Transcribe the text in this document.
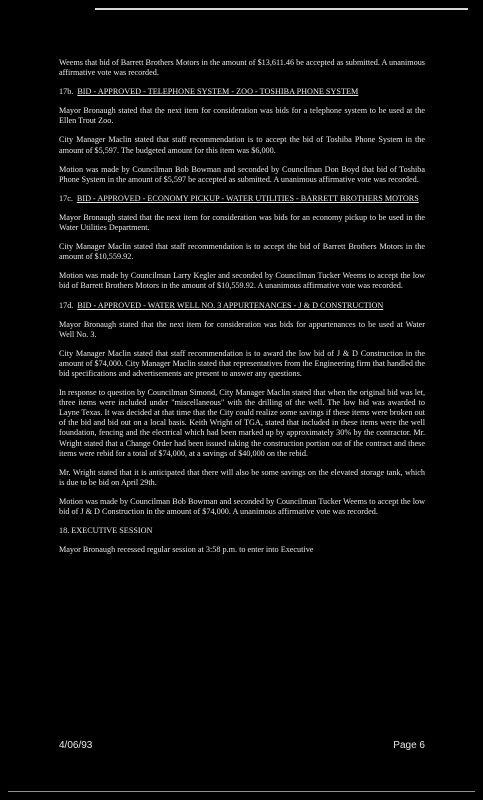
Weems that bid of Barrett Brothers Motors in the amount of $13,611.46 be accepted as submitted. A unanimous affirmative vote was recorded.

17b. BID - APPROVED - TELEPHONE SYSTEM - ZOO - TOSHIBA PHONE SYSTEM

Mayor Bronaugh stated that the next item for consideration was bids for a telephone system to be used at the Ellen Trout Zoo.

City Manager Maclin stated that staff recommendation is to accept the bid of Toshiba Phone System in the amount of $5,597. The budgeted amount for this item was $6,000.

Motion was made by Councilman Bob Bowman and seconded by Councilman Don Boyd that bid of Toshiba Phone System in the amount of $5,597 be accepted as submitted. A unanimous affirmative vote was recorded.

17c. BID - APPROVED - ECONOMY PICKUP - WATER UTILITIES - BARRETT BROTHERS MOTORS

Mayor Bronaugh stated that the next item for consideration was bids for an economy pickup to be used in the Water Utilities Department.

City Manager Maclin stated that staff recommendation is to accept the bid of Barrett Brothers Motors in the amount of $10,559.92.

Motion was made by Councilman Larry Kegler and seconded by Councilman Tucker Weems to accept the low bid of Barrett Brothers Motors in the amount of $10,559.92. A unanimous affirmative vote was recorded.

17d. BID - APPROVED - WATER WELL NO. 3 APPURTENANCES - J & D CONSTRUCTION

Mayor Bronaugh stated that the next item for consideration was bids for appurtenances to be used at Water Well No. 3.

City Manager Maclin stated that staff recommendation is to award the low bid of J & D Construction in the amount of $74,000. City Manager Maclin stated that representatives from the Engineering firm that handled the bid specifications and advertisements are present to answer any questions.

In response to question by Councilman Simond, City Manager Maclin stated that when the original bid was let, three items were included under "miscellaneous" with the drilling of the well. The low bid was awarded to Layne Texas. It was decided at that time that the City could realize some savings if these items were broken out of the bid and bid out on a local basis. Keith Wright of TGA, stated that included in these items were the well foundation, fencing and the electrical which had been marked up by approximately 30% by the contractor. Mr. Wright stated that a Change Order had been issued taking the construction portion out of the contract and these items were rebid for a total of $74,000, at a savings of $40,000 on the rebid.

Mr. Wright stated that it is anticipated that there will also be some savings on the elevated storage tank, which is due to be bid on April 29th.

Motion was made by Councilman Bob Bowman and seconded by Councilman Tucker Weems to accept the low bid of J & D Construction in the amount of $74,000. A unanimous affirmative vote was recorded.

18. EXECUTIVE SESSION

Mayor Bronaugh recessed regular session at 3:58 p.m. to enter into Executive

4/06/93	Page 6
